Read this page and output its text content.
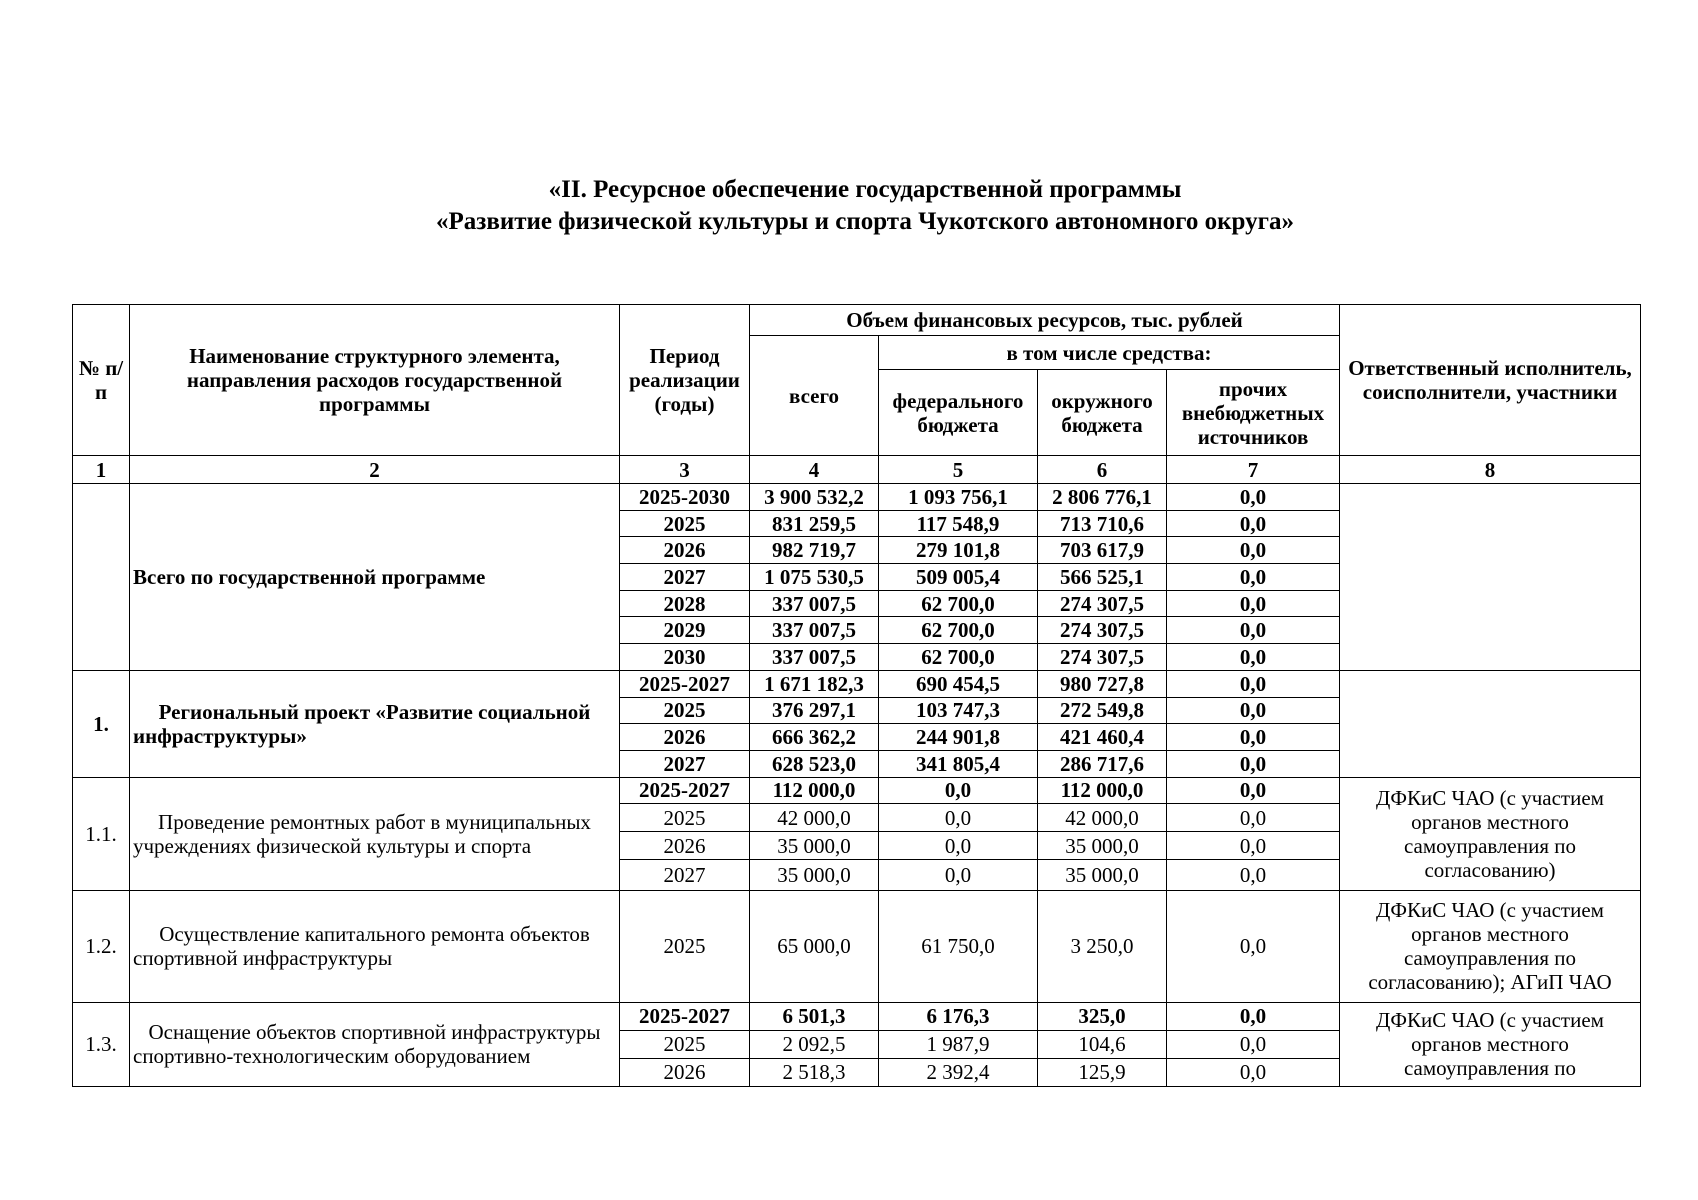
«II. Ресурсное обеспечение государственной программы
«Развитие физической культуры и спорта Чукотского автономного округа»
№ п/п	Наименование структурного элемента, направления расходов государственной программы	Период реализации (годы)	Объем финансовых ресурсов, тыс. рублей				Ответственный исполнитель, соисполнители, участники
			всего	в том числе средства:			
				федерального бюджета	окружного бюджета	прочих внебюджетных источников	
1	2	3	4	5	6	7	8
	Всего по государственной программе	2025-2030	3 900 532,2	1 093 756,1	2 806 776,1	0,0	
		2025	831 259,5	117 548,9	713 710,6	0,0	
		2026	982 719,7	279 101,8	703 617,9	0,0	
		2027	1 075 530,5	509 005,4	566 525,1	0,0	
		2028	337 007,5	62 700,0	274 307,5	0,0	
		2029	337 007,5	62 700,0	274 307,5	0,0	
		2030	337 007,5	62 700,0	274 307,5	0,0	
1.	Региональный проект «Развитие социальной инфраструктуры»	2025-2027	1 671 182,3	690 454,5	980 727,8	0,0	
		2025	376 297,1	103 747,3	272 549,8	0,0	
		2026	666 362,2	244 901,8	421 460,4	0,0	
		2027	628 523,0	341 805,4	286 717,6	0,0	
1.1.	Проведение ремонтных работ в муниципальных учреждениях физической культуры и спорта	2025-2027	112 000,0	0,0	112 000,0	0,0	ДФКиС ЧАО (с участием органов местного самоуправления по согласованию)
		2025	42 000,0	0,0	42 000,0	0,0	
		2026	35 000,0	0,0	35 000,0	0,0	
		2027	35 000,0	0,0	35 000,0	0,0	
1.2.	Осуществление капитального ремонта объектов спортивной инфраструктуры	2025	65 000,0	61 750,0	3 250,0	0,0	ДФКиС ЧАО (с участием органов местного самоуправления по согласованию); АГиП ЧАО
1.3.	Оснащение объектов спортивной инфраструктуры спортивно-технологическим оборудованием	2025-2027	6 501,3	6 176,3	325,0	0,0	ДФКиС ЧАО (с участием органов местного самоуправления по
		2025	2 092,5	1 987,9	104,6	0,0	
		2026	2 518,3	2 392,4	125,9	0,0	
